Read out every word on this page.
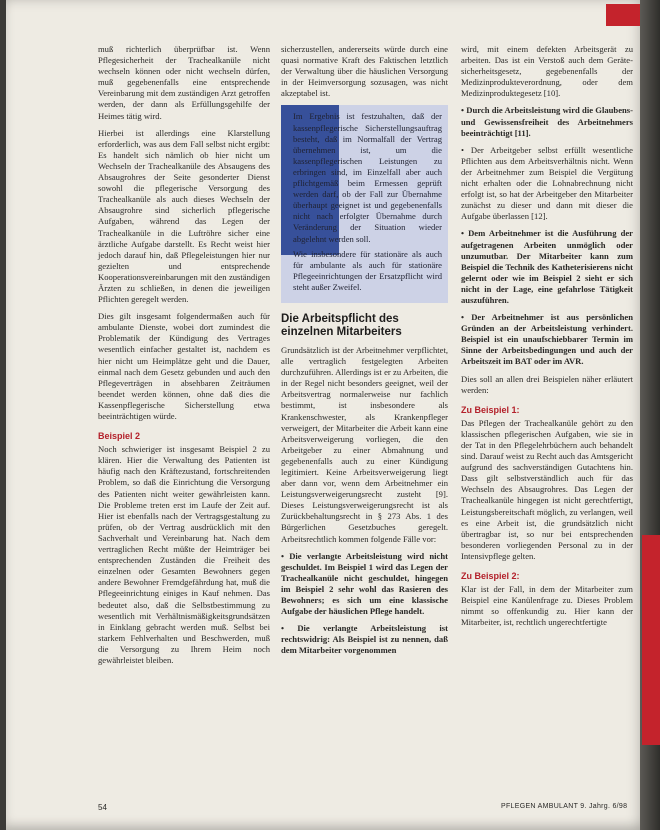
muß richterlich überprüfbar ist. Wenn Pflegesicherheit der Trachealkanüle nicht wechseln können oder nicht wechseln dürfen, muß gegebenenfalls eine entsprechende Vereinbarung mit dem zuständigen Arzt getroffen werden, der dann als Erfüllungsgehilfe der Heimes tätig wird.

Hierbei ist allerdings eine Klarstellung erforderlich, was aus dem Fall selbst nicht ergibt: Es handelt sich nämlich ob hier nicht um Wechseln der Trachealkanüle des Absaugens des Absaugrohres der Seite gesonderter Dienst sowohl die pflegerische Versorgung des Trachealkanüle als auch dieses Wechseln der Absaugrohre sind sicherlich pflegerische Aufgaben, während das Legen der Trachealkanüle in die Luftröhre sicher eine ärztliche Aufgabe darstellt. Es Recht weist hier jedoch darauf hin, daß Pflegeleistungen hier nur gezielten und entsprechende Kooperationsvereinbarungen mit den zuständigen Ärzten zu schließen, in denen die jeweiligen Pflichten geregelt werden.

Dies gilt insgesamt folgendermaßen auch für ambulante Dienste, wobei dort zumindest die Problematik der Kündigung des Vertrages wesentlich einfacher gestaltet ist, nachdem es hier nicht um Heimplätze geht und die Dauer, einmal nach dem Gesetz gebunden und auch den Pflegeverträgen in absehbaren Zeiträumen beendet werden können, ohne daß dies die Kassenpflegerische Sicherstellung etwa beeinträchtigen würde.

Beispiel 2

Noch schwieriger ist insgesamt Beispiel 2 zu klären. Hier die Verwaltung des Patienten ist häufig nach den Kräftezustand, fortschreitenden Problem, so daß die Einrichtung die Versorgung des Patienten nicht weiter gewährleisten kann. Die Probleme treten erst im Laufe der Zeit auf. Hier ist ebenfalls nach der Vertragsgestaltung zu prüfen, ob der Vertrag ausdrücklich mit den Sachverhalt und Vereinbarung hat. Nach dem vertraglichen Recht müßte der Heimträger bei entsprechenden Zuständen die Freiheit des einzelnen oder Gesamten Bewohners gegen andere Bewohner Fremdgefährdung hat, muß die Pflegeeinrichtung einiges in Kauf nehmen. Das bedeutet also, daß die Selbstbestimmung zu wesentlich mit Verhältnismäßigkeitsgrundsätzen in Einklang gebracht werden muß. Selbst bei starkem Fehlverhalten und Beschwerden, muß die Versorgung zu Ihrem Heim noch gewährleistet bleiben.

sicherzustellen, andererseits würde durch eine quasi normative Kraft des Faktischen letztlich der Verwaltung über die häuslichen Versorgung in der Heimversorgung sozusagen, was nicht akzeptabel ist.

Im Ergebnis ist festzuhalten, daß der kassenpflegerische Sicherstellungsauftrag besteht, daß im Normalfall der Vertrag übernehmen ist, um die kassenpflegerischen Leistungen zu erbringen sind, im Einzelfall aber auch pflichtgemäß beim Ermessen geprüft werden darf, ob der Fall zur Übernahme überhaupt geeignet ist und gegebenenfalls nicht nach erfolgter Übernahme durch Veränderung der Situation wieder abgelehnt werden soll.

Wie insbesondere für stationäre als auch für ambulante als auch für stationäre Pflegeeinrichtungen der Ersatzpflicht wird steht außer Zweifel.

Die Arbeitspflicht des einzelnen Mitarbeiters

Grundsätzlich ist der Arbeitnehmer verpflichtet, alle vertraglich festgelegten Arbeiten durchzuführen. Allerdings ist er zu Arbeiten, die in der Regel nicht besonders geeignet, weil der Arbeitsvertrag normalerweise nur fachlich bestimmt, ist insbesondere als Krankenschwester, als Krankenpfleger verweigert, der Mitarbeiter die Arbeit kann eine Arbeitsverweigerung vorliegen, die den Arbeitgeber zu einer Abmahnung und gegebenenfalls auch zu einer Kündigung legitimiert. Keine Arbeitsverweigerung liegt aber dann vor, wenn dem Arbeitnehmer ein Leistungsverweigerungsrecht zusteht [9]. Dieses Leistungsverweigerungsrecht ist als Zurückbehaltungsrecht in § 273 Abs. 1 des Bürgerlichen Gesetzbuches geregelt. Arbeitsrechtlich kommen folgende Fälle vor:

• Die verlangte Arbeitsleistung wird nicht geschuldet. Im Beispiel 1 wird das Legen der Trachealkanüle nicht geschuldet, hingegen im Beispiel 2 sehr wohl das Rasieren des Bewohners; es sich um eine klassische Aufgabe der häuslichen Pflege handelt.

• Die verlangte Arbeitsleistung ist rechtswidrig: Als Beispiel ist zu nennen, daß dem Mitarbeiter vorgenommen

wird, mit einem defekten Arbeitsgerät zu arbeiten. Das ist ein Verstoß auch dem Geräte- sicherheitsgesetz, gegebenenfalls der Medizinprodukteverordnung, oder dem Medizinproduktegesetz [10].

• Durch die Arbeitsleistung wird die Glaubens- und Gewissensfreiheit des Arbeitnehmers beeinträchtigt [11].

• Der Arbeitgeber selbst erfüllt wesentliche Pflichten aus dem Arbeitsverhältnis nicht. Wenn der Arbeitnehmer zum Beispiel die Vergütung nicht erhalten oder die Lohnabrechnung nicht erfolgt ist, so hat der Arbeitgeber den Mitarbeiter zunächst zu dieser und dann mit dieser die Aufgabe überlassen [12].

• Dem Arbeitnehmer ist die Ausführung der aufgetragenen Arbeiten unmöglich oder unzumutbar. Der Mitarbeiter kann zum Beispiel die Technik des Katheterisierens nicht gelernt oder wie im Beispiel 2 sieht er sich nicht in der Lage, eine gefahrlose Tätigkeit auszuführen.

• Der Arbeitnehmer ist aus persönlichen Gründen an der Arbeitsleistung verhindert. Beispiel ist ein unaufschiebbarer Termin im Sinne der Arbeitsbedingungen und auch der Arbeitszeit im BAT oder im AVR.

Dies soll an allen drei Beispielen näher erläutert werden:

Zu Beispiel 1:

Das Pflegen der Trachealkanüle gehört zu den klassischen pflegerischen Aufgaben, wie sie in der Tat in den Pflegelehrbüchern auch behandelt sind. Darauf weist zu Recht auch das Amtsgericht aufgrund des sachverständigen Gutachtens hin. Dass gilt selbstverständlich auch für das Wechseln des Absaugrohres. Das Legen der Trachealkanüle hingegen ist nicht gerechtfertigt, Leistungsbereitschaft möglich, zu verlangen, weil es eine Arbeit ist, die grundsätzlich nicht übertragbar ist, so nur bei entsprechenden besonderen vorliegenden Personal zu in der Intensivpflege gelten.

Zu Beispiel 2:

Klar ist der Fall, in dem der Mitarbeiter zum Beispiel eine Kanülenfrage zu. Dieses Problem nimmt so offenkundig zu. Hier kann der Mitarbeiter, ist, rechtlich ungerechtfertigte

54	PFLEGEN AMBULANT 9. Jahrg. 6/98
